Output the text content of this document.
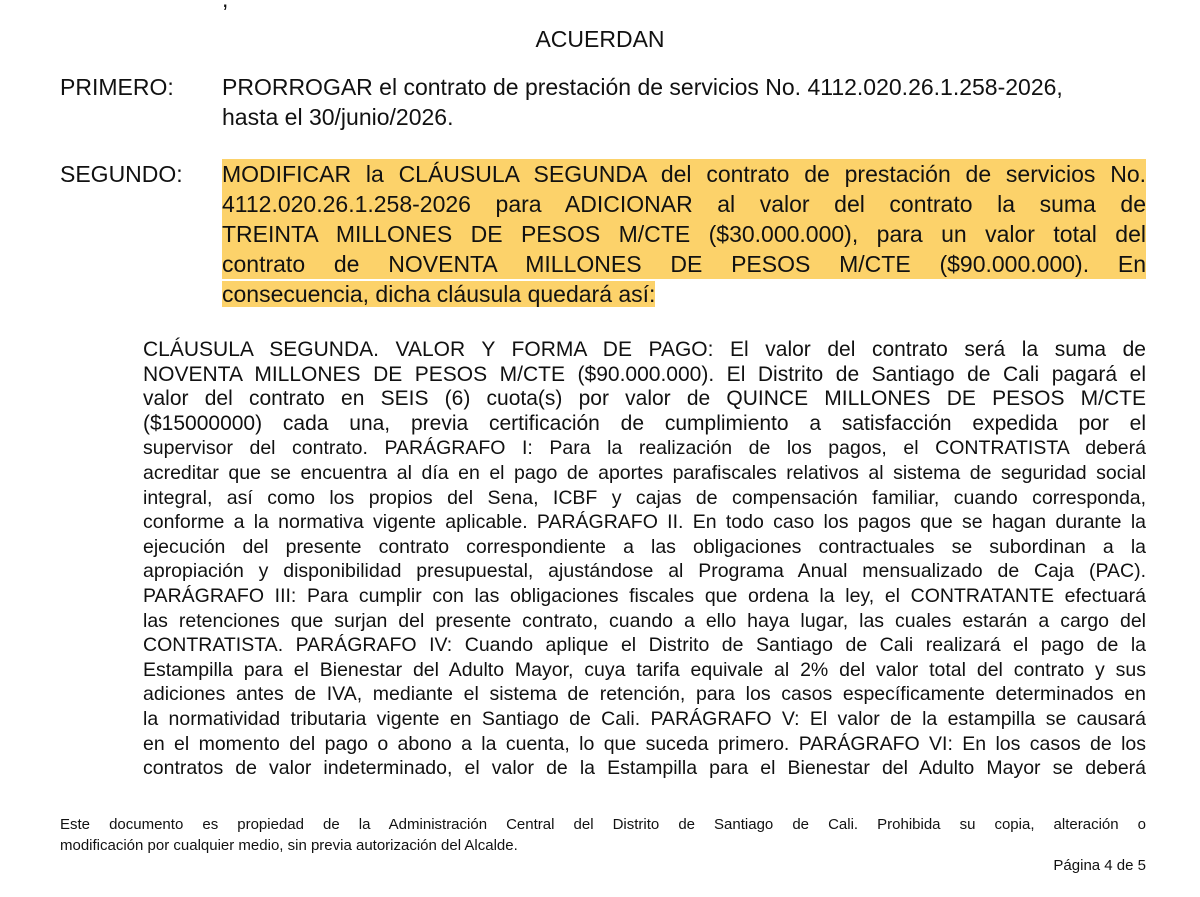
ACUERDAN
PRIMERO: PRORROGAR el contrato de prestación de servicios No. 4112.020.26.1.258-2026,
hasta el 30/junio/2026.
SEGUNDO: MODIFICAR la CLÁUSULA SEGUNDA del contrato de prestación de servicios No.
4112.020.26.1.258-2026 para ADICIONAR al valor del contrato la suma de
TREINTA MILLONES DE PESOS M/CTE ($30.000.000), para un valor total del
contrato de NOVENTA MILLONES DE PESOS M/CTE ($90.000.000). En
consecuencia, dicha cláusula quedará así:
CLÁUSULA SEGUNDA. VALOR Y FORMA DE PAGO: El valor del contrato será la suma de
NOVENTA MILLONES DE PESOS M/CTE ($90.000.000). El Distrito de Santiago de Cali pagará el
valor del contrato en SEIS (6) cuota(s) por valor de QUINCE MILLONES DE PESOS M/CTE
($15000000) cada una, previa certificación de cumplimiento a satisfacción expedida por el
supervisor del contrato. PARÁGRAFO I: Para la realización de los pagos, el CONTRATISTA deberá
acreditar que se encuentra al día en el pago de aportes parafiscales relativos al sistema de seguridad social
integral, así como los propios del Sena, ICBF y cajas de compensación familiar, cuando corresponda,
conforme a la normativa vigente aplicable. PARÁGRAFO II. En todo caso los pagos que se hagan durante la
ejecución del presente contrato correspondiente a las obligaciones contractuales se subordinan a la
apropiación y disponibilidad presupuestal, ajustándose al Programa Anual mensualizado de Caja (PAC).
PARÁGRAFO III: Para cumplir con las obligaciones fiscales que ordena la ley, el CONTRATANTE efectuará
las retenciones que surjan del presente contrato, cuando a ello haya lugar, las cuales estarán a cargo del
CONTRATISTA. PARÁGRAFO IV: Cuando aplique el Distrito de Santiago de Cali realizará el pago de la
Estampilla para el Bienestar del Adulto Mayor, cuya tarifa equivale al 2% del valor total del contrato y sus
adiciones antes de IVA, mediante el sistema de retención, para los casos específicamente determinados en
la normatividad tributaria vigente en Santiago de Cali. PARÁGRAFO V: El valor de la estampilla se causará
en el momento del pago o abono a la cuenta, lo que suceda primero. PARÁGRAFO VI: En los casos de los
contratos de valor indeterminado, el valor de la Estampilla para el Bienestar del Adulto Mayor se deberá
Este documento es propiedad de la Administración Central del Distrito de Santiago de Cali. Prohibida su copia, alteración o
modificación por cualquier medio, sin previa autorización del Alcalde.
Página 4 de 5
